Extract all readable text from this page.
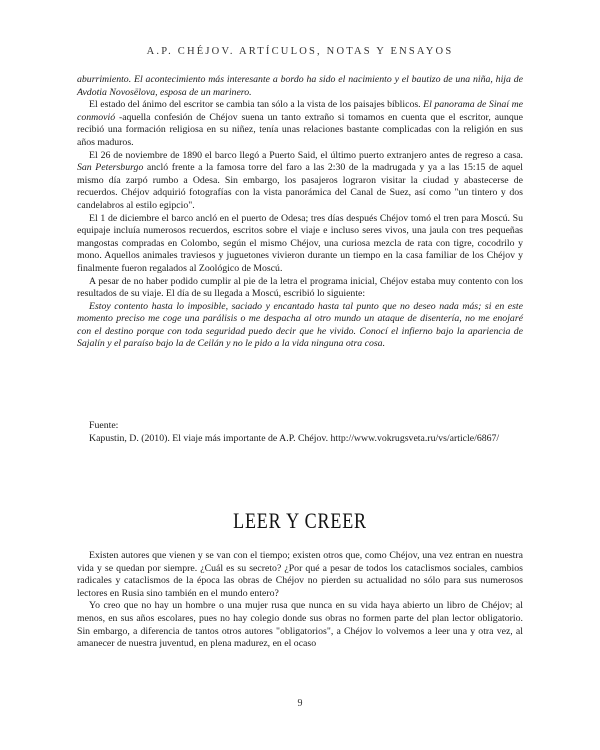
A.P. CHÉJOV. ARTÍCULOS, NOTAS Y ENSAYOS

aburrimiento. El acontecimiento más interesante a bordo ha sido el nacimiento y el bautizo de una niña, hija de Avdotia Novosëlova, esposa de un marinero.

El estado del ánimo del escritor se cambia tan sólo a la vista de los paisajes bíblicos. El panorama de Sinaí me conmovió -aquella confesión de Chéjov suena un tanto extraño si tomamos en cuenta que el escritor, aunque recibió una formación religiosa en su niñez, tenía unas relaciones bastante complicadas con la religión en sus años maduros.

El 26 de noviembre de 1890 el barco llegó a Puerto Said, el último puerto extranjero antes de regreso a casa. San Petersburgo ancló frente a la famosa torre del faro a las 2:30 de la madrugada y ya a las 15:15 de aquel mismo día zarpó rumbo a Odesa. Sin embargo, los pasajeros lograron visitar la ciudad y abastecerse de recuerdos. Chéjov adquirió fotografías con la vista panorámica del Canal de Suez, así como "un tintero y dos candelabros al estilo egipcio".

El 1 de diciembre el barco ancló en el puerto de Odesa; tres días después Chéjov tomó el tren para Moscú. Su equipaje incluía numerosos recuerdos, escritos sobre el viaje e incluso seres vivos, una jaula con tres pequeñas mangostas compradas en Colombo, según el mismo Chéjov, una curiosa mezcla de rata con tigre, cocodrilo y mono. Aquellos animales traviesos y juguetones vivieron durante un tiempo en la casa familiar de los Chéjov y finalmente fueron regalados al Zoológico de Moscú.

A pesar de no haber podido cumplir al pie de la letra el programa inicial, Chéjov estaba muy contento con los resultados de su viaje. El día de su llegada a Moscú, escribió lo siguiente:

Estoy contento hasta lo imposible, saciado y encantado hasta tal punto que no deseo nada más; si en este momento preciso me coge una parálisis o me despacha al otro mundo un ataque de disentería, no me enojaré con el destino porque con toda seguridad puedo decir que he vivido. Conocí el infierno bajo la apariencia de Sajalín y el paraíso bajo la de Ceilán y no le pido a la vida ninguna otra cosa.

Fuente:

Kapustin, D. (2010). El viaje más importante de A.P. Chéjov. http://www.vokrugsveta.ru/vs/article/6867/

LEER Y CREER

Existen autores que vienen y se van con el tiempo; existen otros que, como Chéjov, una vez entran en nuestra vida y se quedan por siempre. ¿Cuál es su secreto? ¿Por qué a pesar de todos los cataclismos sociales, cambios radicales y cataclismos de la época las obras de Chéjov no pierden su actualidad no sólo para sus numerosos lectores en Rusia sino también en el mundo entero?

Yo creo que no hay un hombre o una mujer rusa que nunca en su vida haya abierto un libro de Chéjov; al menos, en sus años escolares, pues no hay colegio donde sus obras no formen parte del plan lector obligatorio. Sin embargo, a diferencia de tantos otros autores "obligatorios", a Chéjov lo volvemos a leer una y otra vez, al amanecer de nuestra juventud, en plena madurez, en el ocaso

9
